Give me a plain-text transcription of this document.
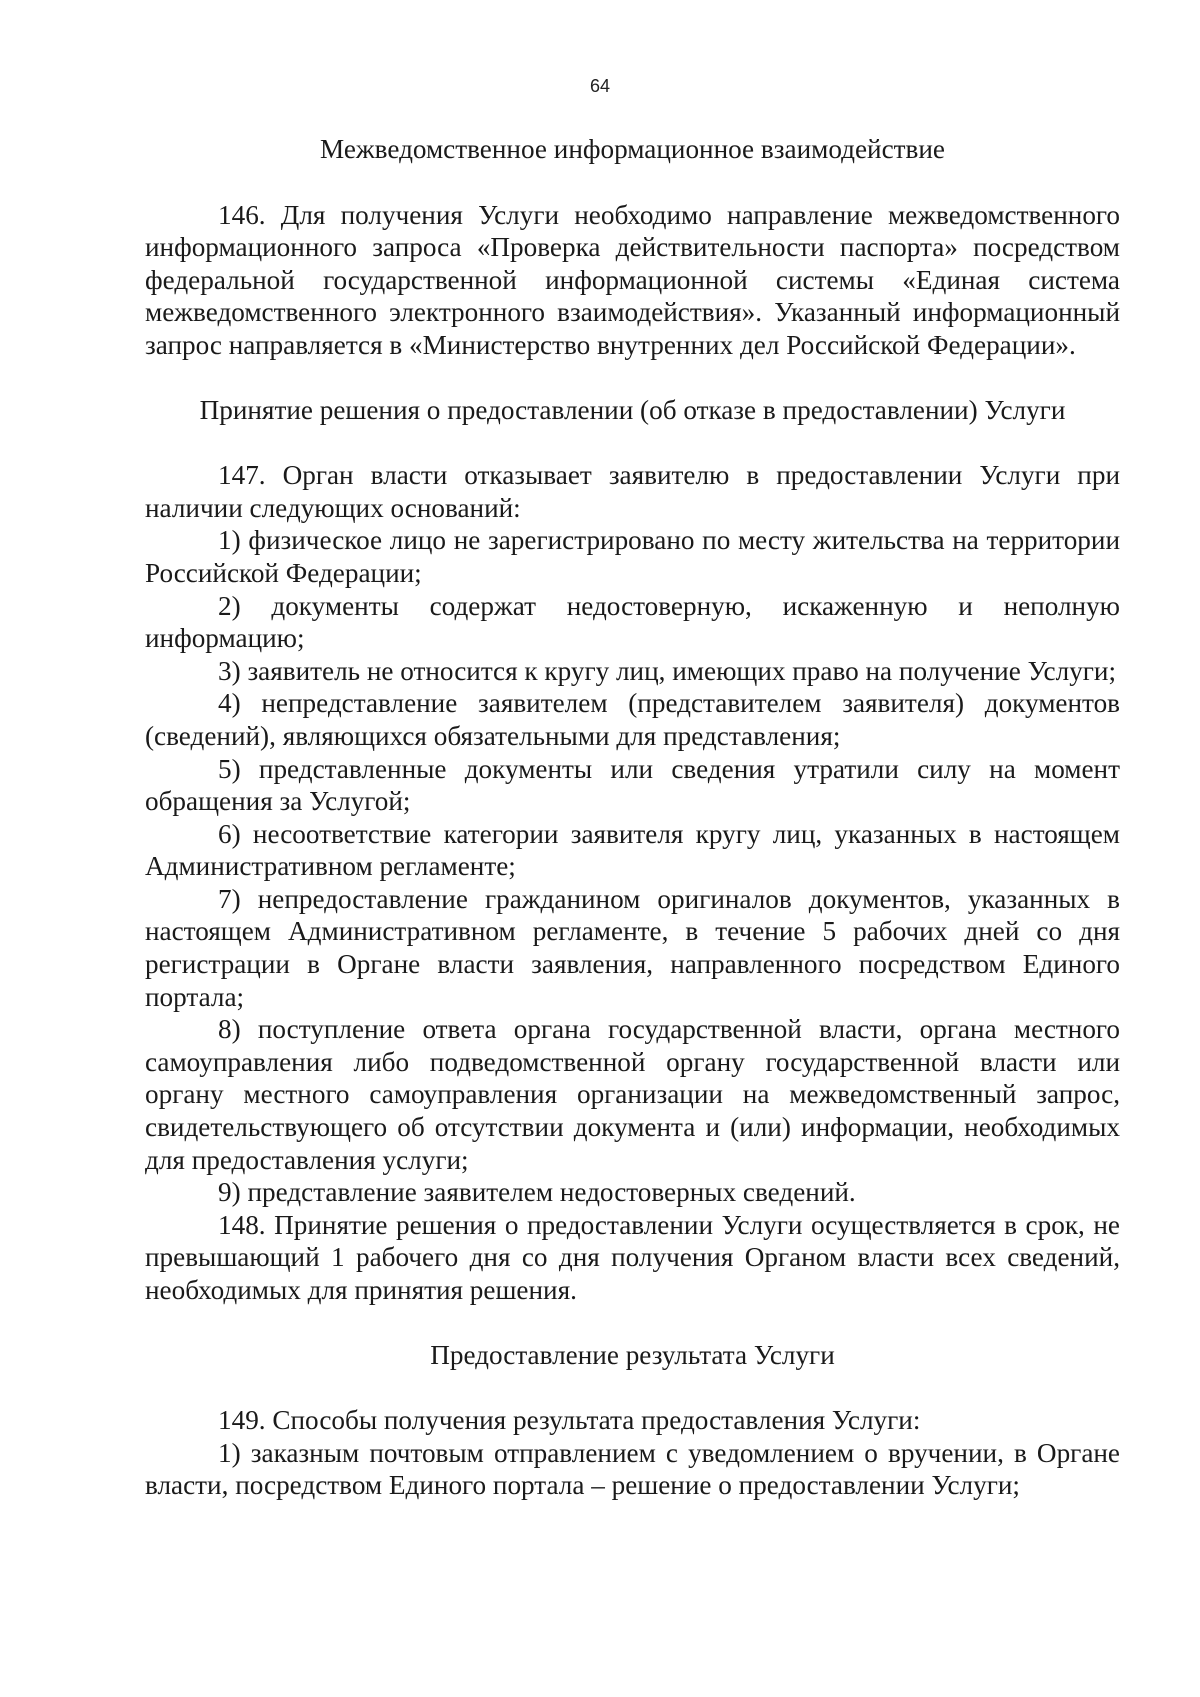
64

Межведомственное информационное взаимодействие

146. Для получения Услуги необходимо направление межведомственного информационного запроса «Проверка действительности паспорта» посредством федеральной государственной информационной системы «Единая система межведомственного электронного взаимодействия». Указанный информационный запрос направляется в «Министерство внутренних дел Российской Федерации».

Принятие решения о предоставлении (об отказе в предоставлении) Услуги

147. Орган власти отказывает заявителю в предоставлении Услуги при наличии следующих оснований:

1) физическое лицо не зарегистрировано по месту жительства на территории Российской Федерации;

2) документы содержат недостоверную, искаженную и неполную информацию;

3) заявитель не относится к кругу лиц, имеющих право на получение Услуги;

4) непредставление заявителем (представителем заявителя) документов (сведений), являющихся обязательными для представления;

5) представленные документы или сведения утратили силу на момент обращения за Услугой;

6) несоответствие категории заявителя кругу лиц, указанных в настоящем Административном регламенте;

7) непредоставление гражданином оригиналов документов, указанных в настоящем Административном регламенте, в течение 5 рабочих дней со дня регистрации в Органе власти заявления, направленного посредством Единого портала;

8) поступление ответа органа государственной власти, органа местного самоуправления либо подведомственной органу государственной власти или органу местного самоуправления организации на межведомственный запрос, свидетельствующего об отсутствии документа и (или) информации, необходимых для предоставления услуги;

9) представление заявителем недостоверных сведений.

148. Принятие решения о предоставлении Услуги осуществляется в срок, не превышающий 1 рабочего дня со дня получения Органом власти всех сведений, необходимых для принятия решения.

Предоставление результата Услуги

149. Способы получения результата предоставления Услуги:

1) заказным почтовым отправлением с уведомлением о вручении, в Органе власти, посредством Единого портала – решение о предоставлении Услуги;
